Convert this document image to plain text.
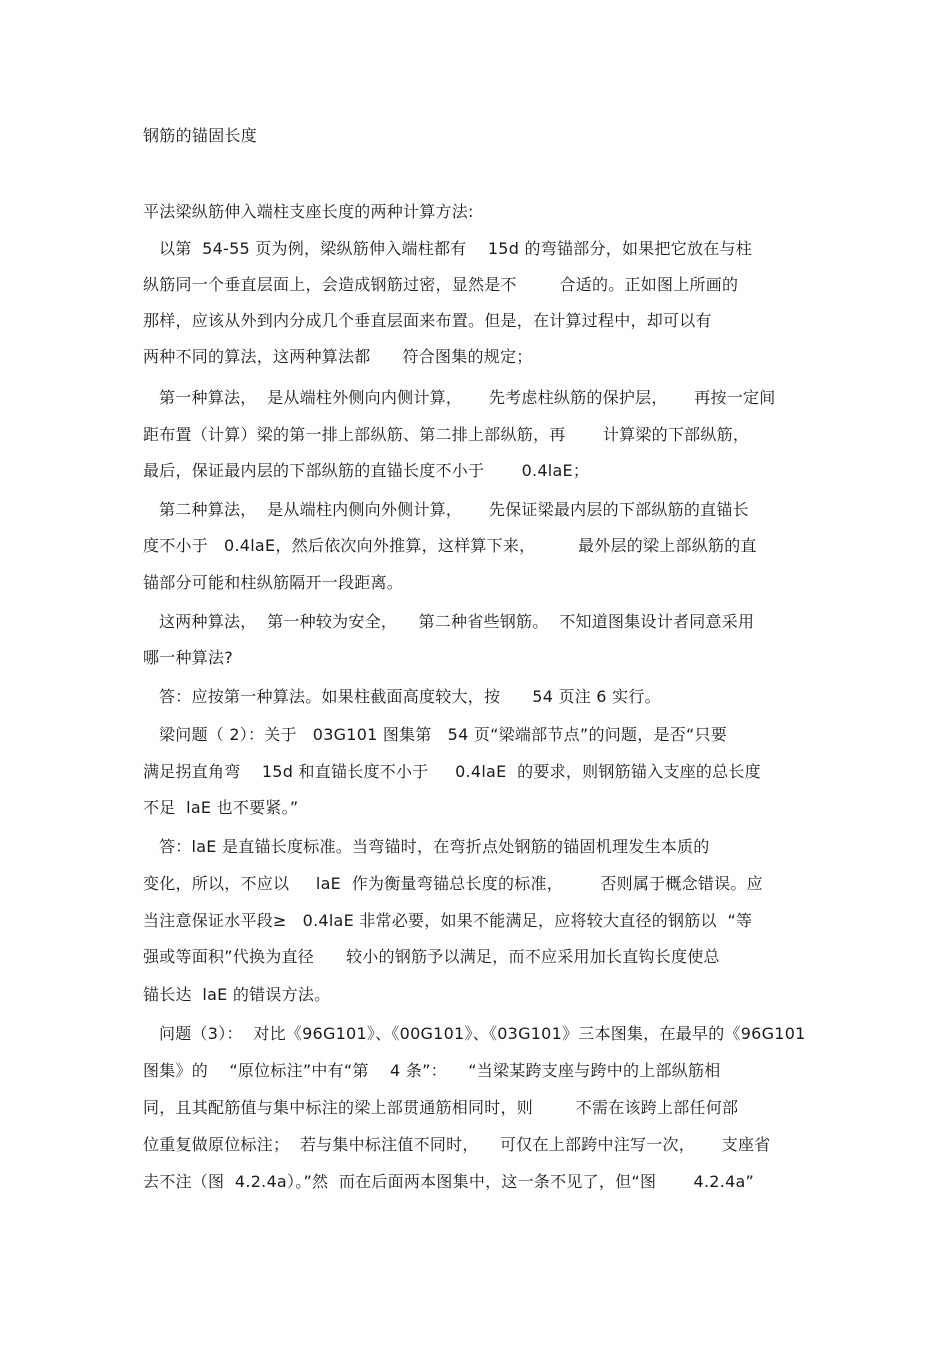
钢筋的锚固长度
平法梁纵筋伸入端柱支座长度的两种计算方法:
以第  54-55 页为例，梁纵筋伸入端柱都有    15d 的弯锚部分，如果把它放在与柱
纵筋同一个垂直层面上，会造成钢筋过密，显然是不        合适的。正如图上所画的
那样，应该从外到内分成几个垂直层面来布置。但是，在计算过程中，却可以有
两种不同的算法，这两种算法都      符合图集的规定；
第一种算法，  是从端柱外侧向内侧计算，     先考虑柱纵筋的保护层，     再按一定间
距布置（计算）梁的第一排上部纵筋、第二排上部纵筋，再       计算梁的下部纵筋，
最后，保证最内层的下部纵筋的直锚长度不小于       0.4laE；
第二种算法，  是从端柱内侧向外侧计算，     先保证梁最内层的下部纵筋的直锚长
度不小于   0.4laE，然后依次向外推算，这样算下来，        最外层的梁上部纵筋的直
锚部分可能和柱纵筋隔开一段距离。
这两种算法，  第一种较为安全，    第二种省些钢筋。  不知道图集设计者同意采用
哪一种算法?
答：应按第一种算法。如果柱截面高度较大，按      54 页注 6 实行。
梁问题（ 2）：关于   03G101 图集第   54 页“梁端部节点”的问题，是否“只要
满足拐直角弯    15d 和直锚长度不小于     0.4laE  的要求，则钢筋锚入支座的总长度
不足  laE 也不要紧。”
答：laE 是直锚长度标准。当弯锚时，在弯折点处钢筋的锚固机理发生本质的
变化，所以，不应以     laE  作为衡量弯锚总长度的标准，       否则属于概念错误。应
当注意保证水平段≥   0.4laE 非常必要，如果不能满足，应将较大直径的钢筋以  “等
强或等面积”代换为直径      较小的钢筋予以满足，而不应采用加长直钩长度使总
锚长达  laE 的错误方法。
问题（3）：  对比《96G101》、《00G101》、《03G101》三本图集，在最早的《96G101
图集》的    “原位标注”中有“第    4 条”：    “当梁某跨支座与跨中的上部纵筋相
同，且其配筋值与集中标注的梁上部贯通筋相同时，则        不需在该跨上部任何部
位重复做原位标注；  若与集中标注值不同时，    可仅在上部跨中注写一次，     支座省
去不注（图  4.2.4a）。”然  而在后面两本图集中，这一条不见了，但“图       4.2.4a”
